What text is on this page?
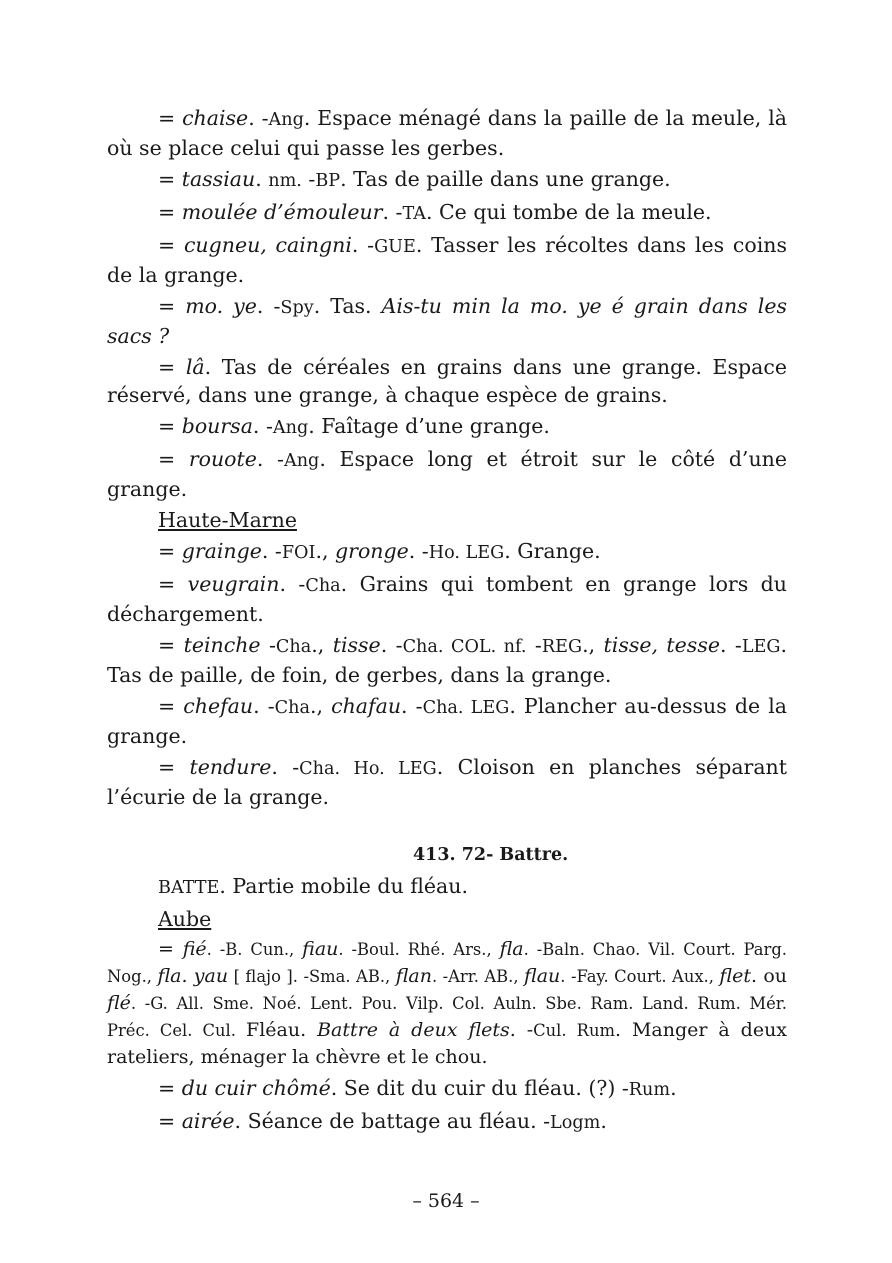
= chaise. -Ang. Espace ménagé dans la paille de la meule, là où se place celui qui passe les gerbes.

= tassiau. nm. -BP. Tas de paille dans une grange.

= moulée d’émouleur. -TA. Ce qui tombe de la meule.

= cugneu, caingni. -GUE. Tasser les récoltes dans les coins de la grange.

= mo. ye. -Spy. Tas. Ais-tu min la mo. ye é grain dans les sacs ?

= lâ. Tas de céréales en grains dans une grange. Espace réservé, dans une grange, à chaque espèce de grains.

= boursa. -Ang. Faîtage d’une grange.

= rouote. -Ang. Espace long et étroit sur le côté d’une grange.

Haute-Marne

= grainge. -FOI., gronge. -Ho. LEG. Grange.

= veugrain. -Cha. Grains qui tombent en grange lors du déchargement.

= teinche -Cha., tisse. -Cha. COL. nf. -REG., tisse, tesse. -LEG. Tas de paille, de foin, de gerbes, dans la grange.

= chefau. -Cha., chafau. -Cha. LEG. Plancher au-dessus de la grange.

= tendure. -Cha. Ho. LEG. Cloison en planches séparant l’écurie de la grange.

413. 72- Battre.

BATTE. Partie mobile du fléau.

Aube

= fié. -B. Cun., fiau. -Boul. Rhé. Ars., fla. -Baln. Chao. Vil. Court. Parg. Nog., fla. yau [ flajo ]. -Sma. AB., flan. -Arr. AB., flau. -Fay. Court. Aux., flet. ou flé. -G. All. Sme. Noé. Lent. Pou. Vilp. Col. Auln. Sbe. Ram. Land. Rum. Mér. Préc. Cel. Cul. Fléau. Battre à deux flets. -Cul. Rum. Manger à deux rateliers, ménager la chèvre et le chou.

= du cuir chômé. Se dit du cuir du fléau. (?) -Rum.

= airée. Séance de battage au fléau. -Logm.

– 564 –
